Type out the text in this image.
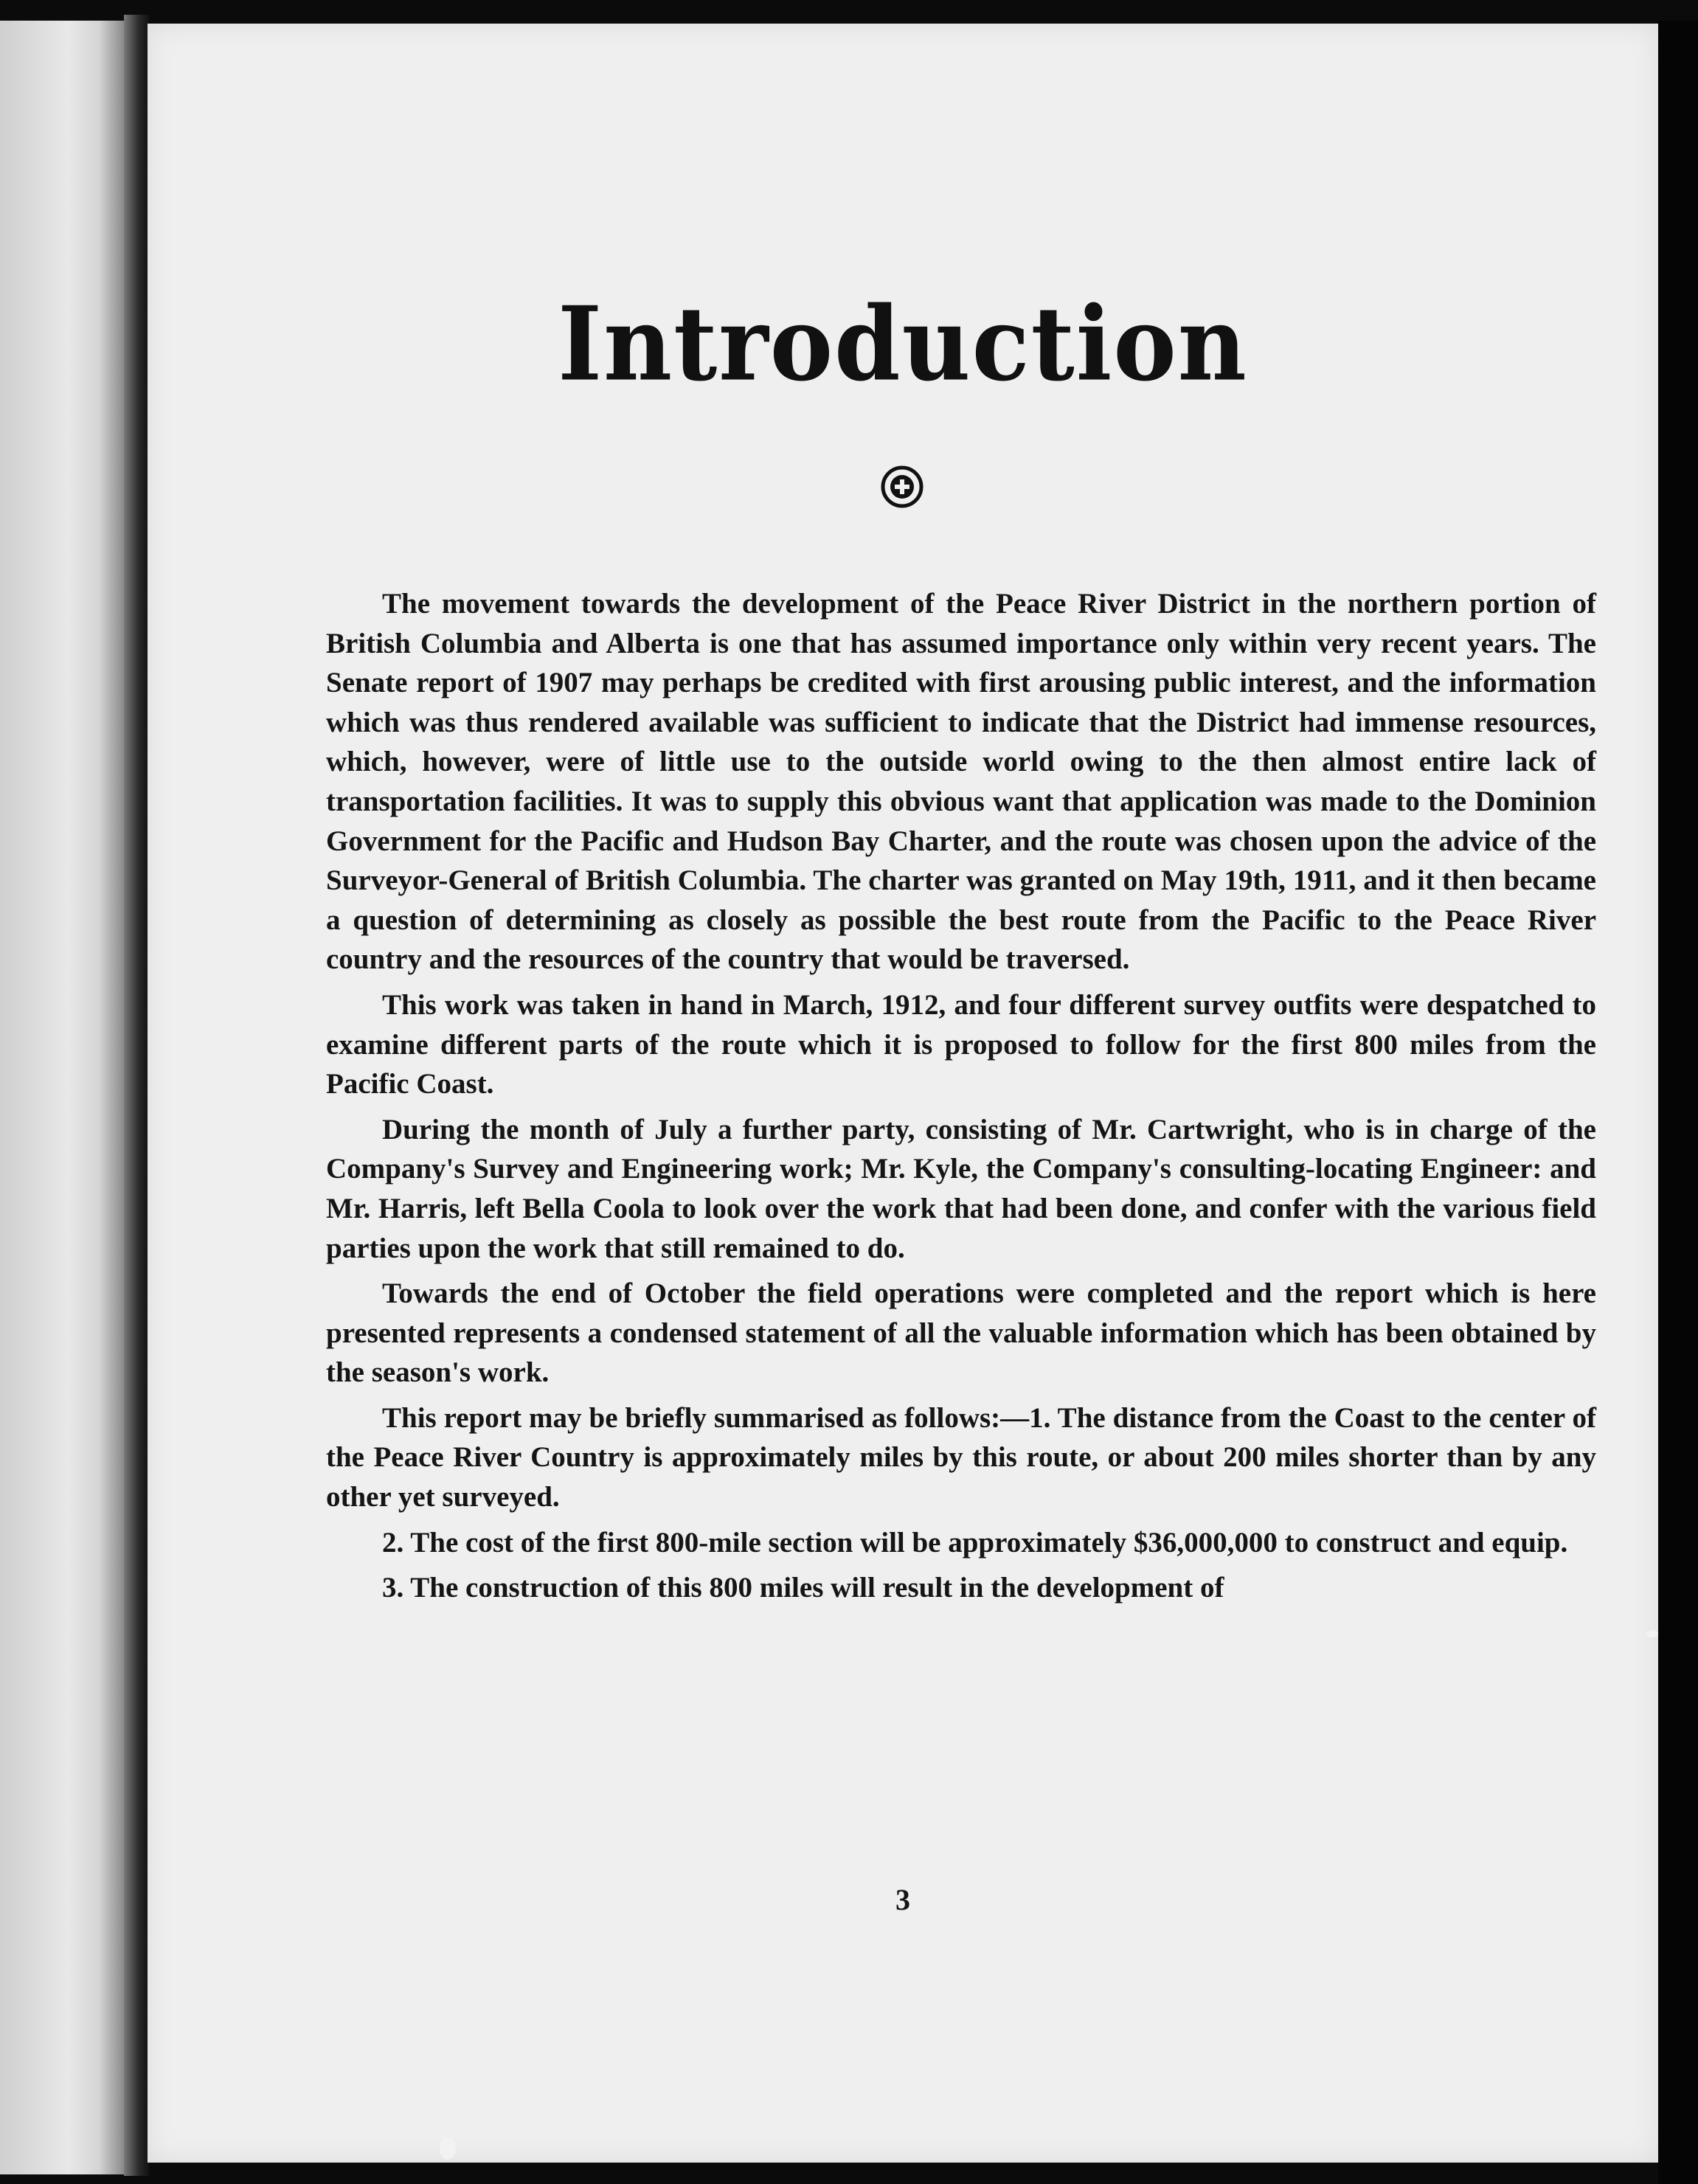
Introduction

The movement towards the development of the Peace River District in the northern portion of British Columbia and Alberta is one that has assumed importance only within very recent years. The Senate report of 1907 may perhaps be credited with first arousing public interest, and the information which was thus rendered available was sufficient to indicate that the District had immense resources, which, however, were of little use to the outside world owing to the then almost entire lack of transportation facilities. It was to supply this obvious want that application was made to the Dominion Government for the Pacific and Hudson Bay Charter, and the route was chosen upon the advice of the Surveyor-General of British Columbia. The charter was granted on May 19th, 1911, and it then became a question of determining as closely as possible the best route from the Pacific to the Peace River country and the resources of the country that would be traversed.

This work was taken in hand in March, 1912, and four different survey outfits were despatched to examine different parts of the route which it is proposed to follow for the first 800 miles from the Pacific Coast.

During the month of July a further party, consisting of Mr. Cartwright, who is in charge of the Company's Survey and Engineering work; Mr. Kyle, the Company's consulting-locating Engineer: and Mr. Harris, left Bella Coola to look over the work that had been done, and confer with the various field parties upon the work that still remained to do.

Towards the end of October the field operations were completed and the report which is here presented represents a condensed statement of all the valuable information which has been obtained by the season's work.

This report may be briefly summarised as follows:—1. The distance from the Coast to the center of the Peace River Country is approximately miles by this route, or about 200 miles shorter than by any other yet surveyed.

2. The cost of the first 800-mile section will be approximately $36,000,000 to construct and equip.

3. The construction of this 800 miles will result in the development of

3
